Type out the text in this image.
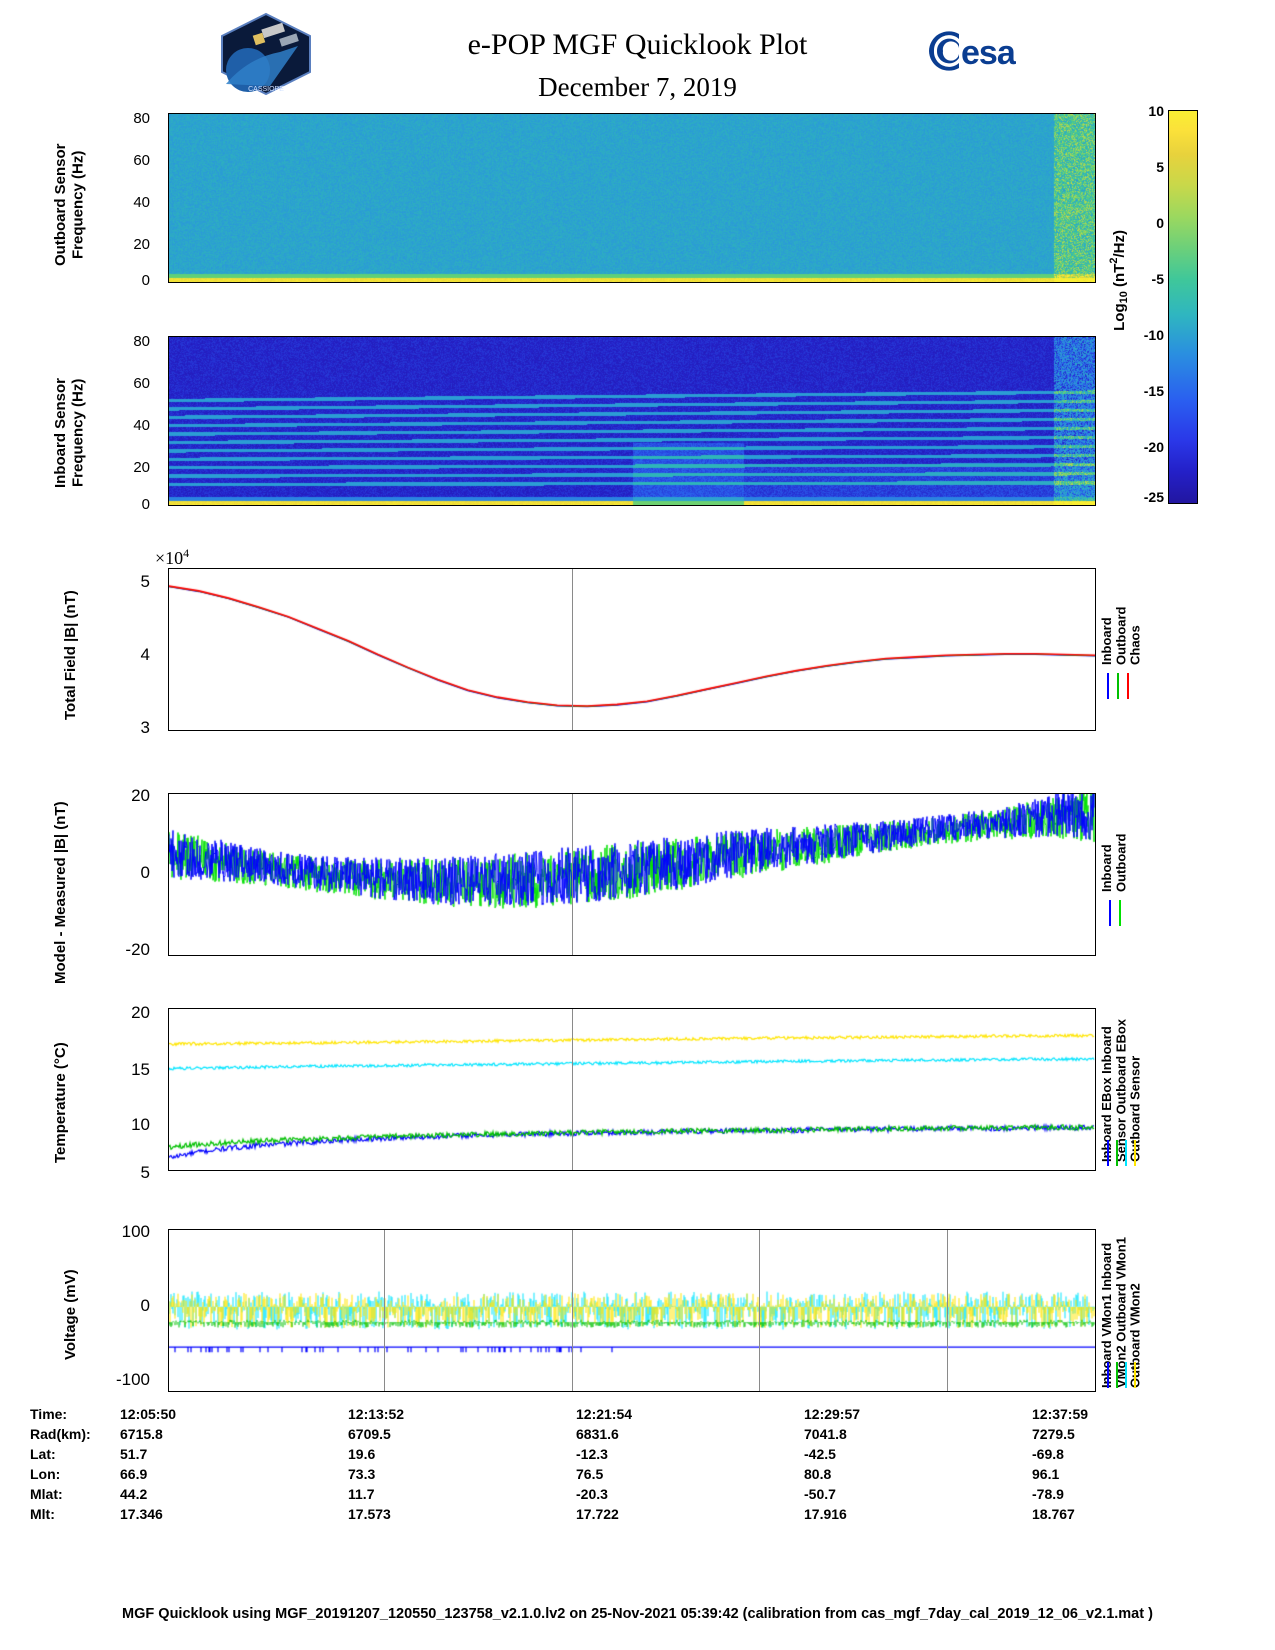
CASSIOPE
e-POP MGF Quicklook Plot
December 7, 2019
esa
Outboard Sensor Frequency (Hz)
80
60
40
20
0
Inboard Sensor Frequency (Hz)
80
60
40
20
0
Log$_{10}$ $(nT^2/Hz)$
10
5
0
-5
-10
-15
-20
-25
Total Field |B| (nT)
$\times 10^4$
5
4
3
Inboard Outboard Chaos
Model - Measured |B| (nT)
20
0
-20
Inboard Outboard
Temperature (°C)
20
15
10
5
Inboard EBox Inboard Sensor Outboard EBox Outboard Sensor
Voltage (mV)
100
0
-100	Inboard VMon1 Inboard VMon2 Outboard VMon1 Outboard VMon2
Time:	12:05:50	12:13:52	12:21:54	12:29:57	12:37:59
Rad(km):	6715.8	6709.5	6831.6	7041.8	7279.5
Lat:	51.7	19.6	-12.3	-42.5	-69.8
Lon:	66.9	73.3	76.5	80.8	96.1
Mlat:	44.2	11.7	-20.3	-50.7	-78.9
Mlt:	17.346	17.573	17.722	17.916	18.767
MGF Quicklook using MGF_20191207_120550_123758_v2.1.0.lv2 on 25-Nov-2021 05:39:42 (calibration from cas_mgf_7day_cal_2019_12_06_v2.1.mat )
